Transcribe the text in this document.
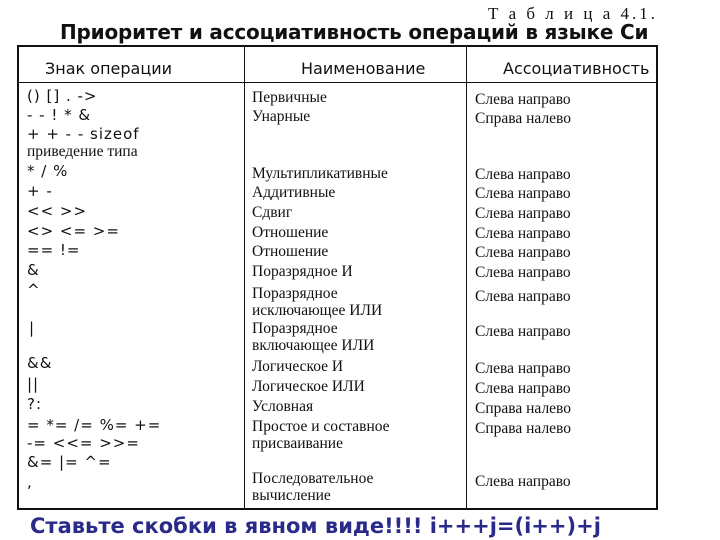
Т а б л и ц а 4.1.
Приоритет и ассоциативность операций в языке Си
Знак операции	Наименование	Ассоциативность
() [] . ->
- - ! * &
+ + - - sizeof
приведение типа
* / %
+ -
<< >>
<> <= >=
== !=
&
^
|
&&
||
?:
= *= /= %= +=
-= <<= >>=
&= |= ^=
,
Первичные
Унарные
Мультипликативные
Аддитивные
Сдвиг
Отношение
Отношение
Поразрядное И
Поразрядное
исключающее ИЛИ
Поразрядное
включающее ИЛИ
Логическое И
Логическое ИЛИ
Условная
Простое и составное
присваивание
Последовательное
вычисление
Слева направо
Справа налево
Слева направо
Слева направо
Слева направо
Слева направо
Слева направо
Слева направо
Слева направо
Слева направо
Слева направо
Слева направо
Справа налево
Справа налево
Слева направо
Ставьте скобки в явном виде!!!! i+++j=(i++)+j
